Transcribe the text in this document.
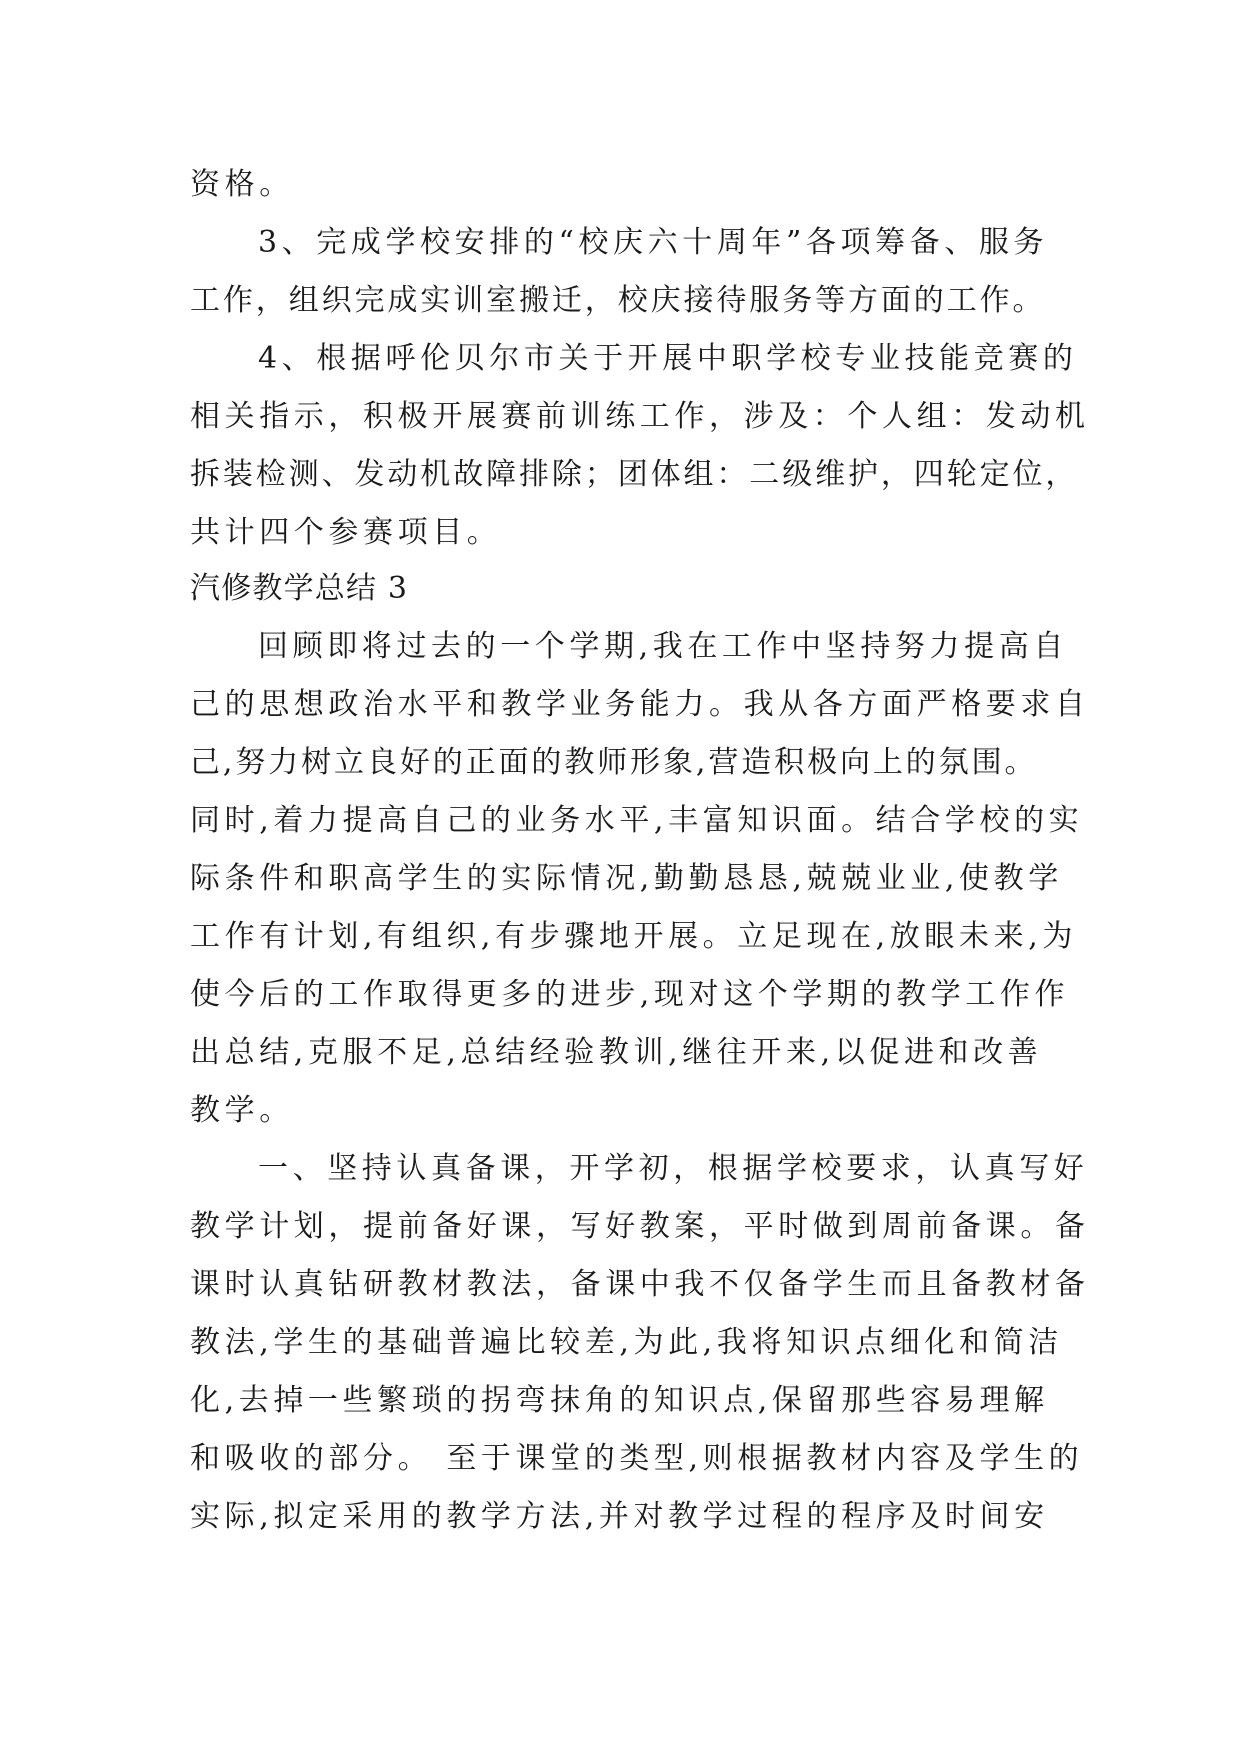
资格。
3、完成学校安排的“校庆六十周年”各项筹备、服务
工作，组织完成实训室搬迁，校庆接待服务等方面的工作。
4、根据呼伦贝尔市关于开展中职学校专业技能竞赛的
相关指示，积极开展赛前训练工作，涉及：个人组：发动机
拆装检测、发动机故障排除；团体组：二级维护，四轮定位，
共计四个参赛项目。
汽修教学总结 3
回顾即将过去的一个学期,我在工作中坚持努力提高自
己的思想政治水平和教学业务能力。我从各方面严格要求自
己,努力树立良好的正面的教师形象,营造积极向上的氛围。
同时,着力提高自己的业务水平,丰富知识面。结合学校的实
际条件和职高学生的实际情况,勤勤恳恳,兢兢业业,使教学
工作有计划,有组织,有步骤地开展。立足现在,放眼未来,为
使今后的工作取得更多的进步,现对这个学期的教学工作作
出总结,克服不足,总结经验教训,继往开来,以促进和改善
教学。
一、坚持认真备课，开学初，根据学校要求，认真写好
教学计划，提前备好课，写好教案，平时做到周前备课。备
课时认真钻研教材教法，备课中我不仅备学生而且备教材备
教法,学生的基础普遍比较差,为此,我将知识点细化和简洁
化,去掉一些繁琐的拐弯抹角的知识点,保留那些容易理解
和吸收的部分。 至于课堂的类型,则根据教材内容及学生的
实际,拟定采用的教学方法,并对教学过程的程序及时间安
